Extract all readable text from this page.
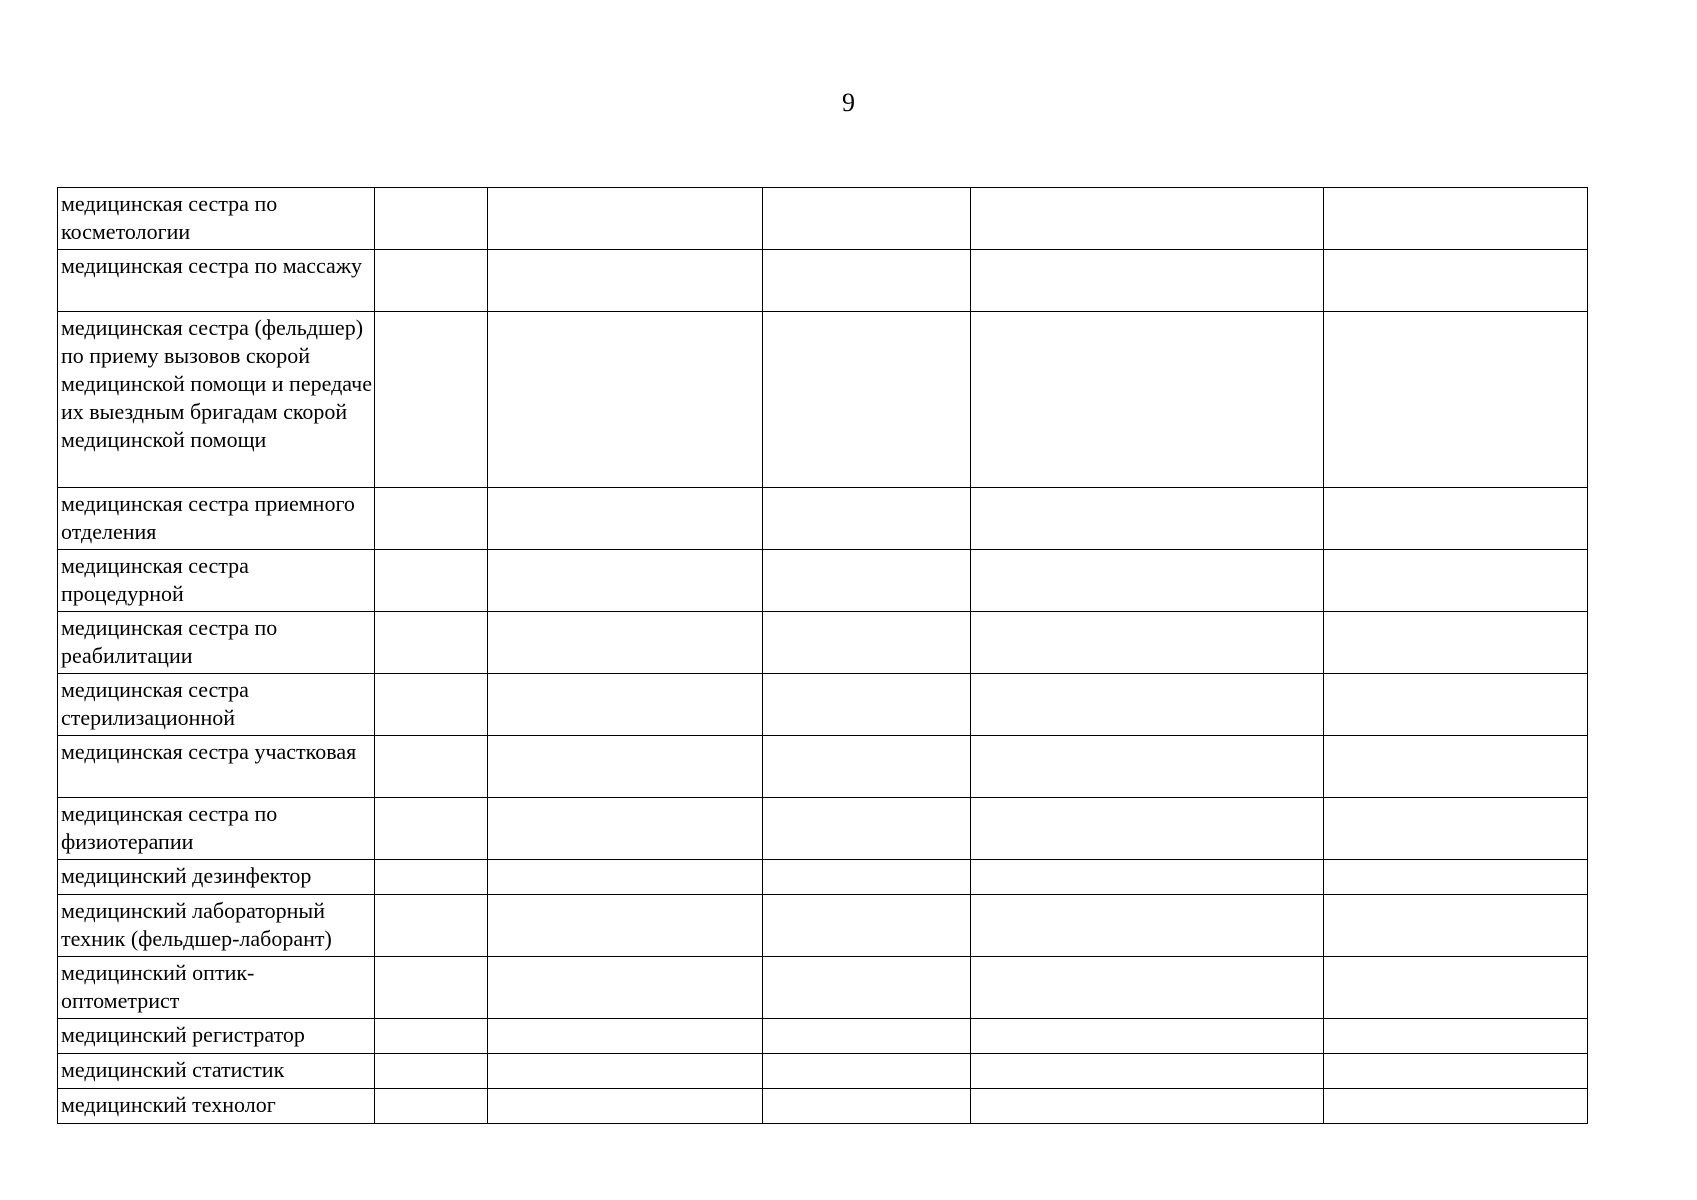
9
медицинская сестра по косметологии					
медицинская сестра по массажу					
медицинская сестра (фельдшер) по приему вызовов скорой медицинской помощи и передаче их выездным бригадам скорой медицинской помощи					
медицинская сестра приемного отделения					
медицинская сестра процедурной					
медицинская сестра по реабилитации					
медицинская сестра стерилизационной					
медицинская сестра участковая					
медицинская сестра по физиотерапии					
медицинский дезинфектор					
медицинский лабораторный техник (фельдшер-лаборант)					
медицинский оптик-оптометрист					
медицинский регистратор					
медицинский статистик					
медицинский технолог					
